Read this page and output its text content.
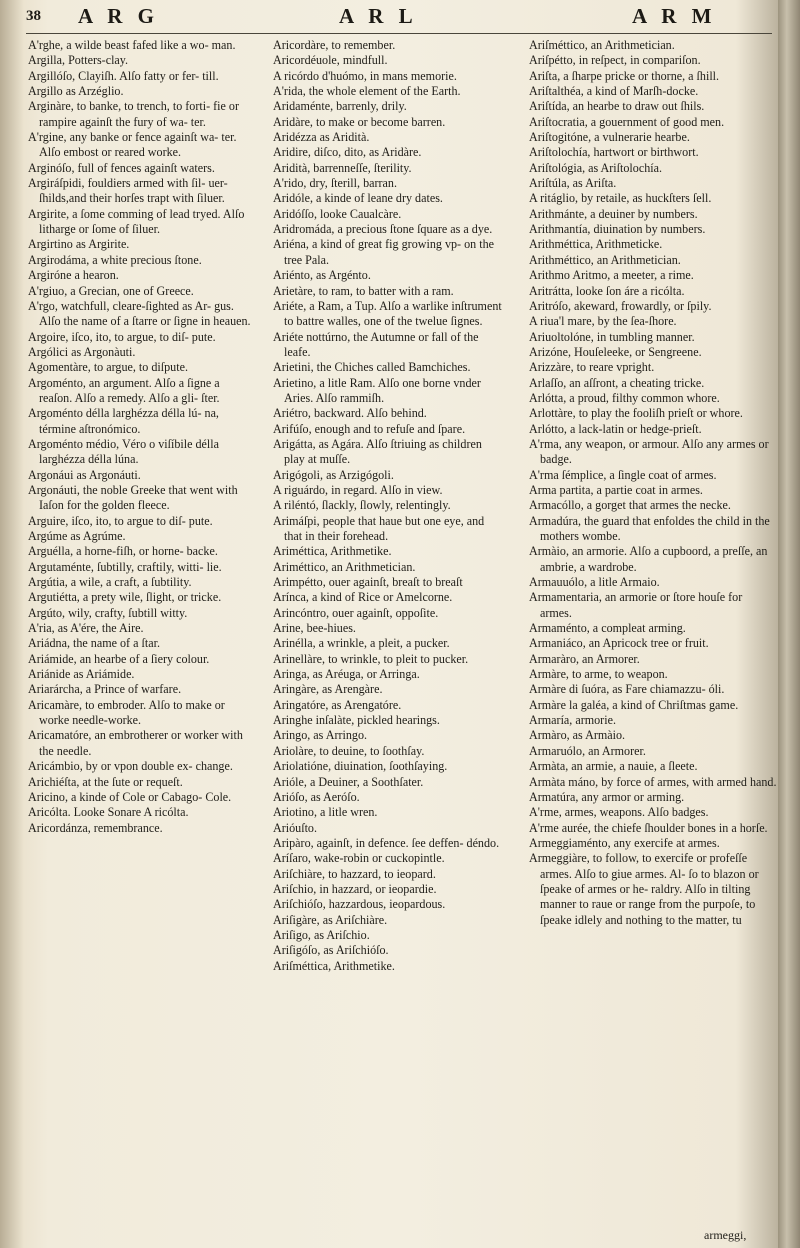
38 A R G	A R L	A R M

A'rghe, a wilde beast fafed like a wo- man.

Argilla, Potters-clay.

Argillóſo, Clayiſh. Alſo fatty or fer- till.

Argillo as Arzéglio.

Arginàre, to banke, to trench, to forti- fie or rampire againſt the fury of wa- ter.

A'rgine, any banke or fence againſt wa- ter. Alſo embost or reared worke.

Arginóſo, full of fences againſt waters.

Argiráſpidi, fouldiers armed with ſil- uer-ſhilds,and their horſes trapt with ſiluer.

Argirite, a ſome comming of lead tryed. Alſo litharge or ſome of ſiluer.

Argirtino as Argirite.

Argirodáma, a white precious ſtone.

Argiróne a hearon.

A'rgiuo, a Grecian, one of Greece.

A'rgo, watchfull, cleare-ſighted as Ar- gus. Alſo the name of a ſtarre or ſigne in heauen.

Argoire, iſco, ito, to argue, to diſ- pute.

Argólici as Argonàuti.

Agomentàre, to argue, to diſpute.

Argoménto, an argument. Alſo a ſigne a reaſon. Alſo a remedy. Alſo a gli- ſter.

Argoménto délla larghézza délla lú- na, términe aſtronómico.

Argoménto médio, Véro o viſíbile délla larghézza délla lúna.

Argonáui as Argonáuti.

Argonáuti, the noble Greeke that went with Iaſon for the golden fleece.

Arguire, iſco, ito, to argue to diſ- pute.

Argúme as Agrúme.

Arguélla, a horne-fiſh, or horne- backe.

Argutaménte, ſubtilly, craftily, witti- lie.

Argútia, a wile, a craft, a ſubtility.

Argutiétta, a prety wile, ſlight, or tricke.

Argúto, wily, crafty, ſubtill witty.

A'ria, as A'ére, the Aire.

Ariádna, the name of a ſtar.

Ariámide, an hearbe of a ſiery colour.

Ariánide as Ariámide.

Ariarárcha, a Prince of warfare.

Aricamàre, to embroder. Alſo to make or worke needle-worke.

Aricamatóre, an embrotherer or worker with the needle.

Aricámbio, by or vpon double ex- change.

Arichiéſta, at the ſute or requeſt.

Aricino, a kinde of Cole or Cabago- Cole.

Aricólta. Looke Sonare A ricólta.

Aricordánza, remembrance.

Aricordàre, to remember.

Aricordéuole, mindfull.

A ricórdo d'huómo, in mans memorie.

A'rida, the whole element of the Earth.

Aridaménte, barrenly, drily.

Aridàre, to make or become barren.

Aridézza as Aridità.

Aridire, diſco, dito, as Aridàre.

Aridità, barrenneſſe, ſterility.

A'rido, dry, ſterill, barran.

Aridóle, a kinde of leane dry dates.

Aridóſſo, looke Caualcàre.

Aridromáda, a precious ſtone ſquare as a dye.

Ariéna, a kind of great fig growing vp- on the tree Pala.

Ariénto, as Argénto.

Arietàre, to ram, to batter with a ram.

Ariéte, a Ram, a Tup. Alſo a warlike inſtrument to battre walles, one of the twelue ſignes.

Ariéte nottúrno, the Autumne or fall of the leafe.

Arietini, the Chiches called Bamchiches.

Arietino, a litle Ram. Alſo one borne vnder Aries. Alſo rammiſh.

Ariétro, backward. Alſo behind.

Arifúſo, enough and to refuſe and ſpare.

Arigátta, as Agára. Alſo ſtriuing as children play at muſſe.

Arigógoli, as Arzigógoli.

A riguárdo, in regard. Alſo in view.

A riléntó, ſlackly, ſlowly, relentingly.

Arimáſpi, people that haue but one eye, and that in their forehead.

Ariméttica, Arithmetike.

Ariméttico, an Arithmetician.

Arimpétto, ouer againſt, breaſt to breaſt

Arínca, a kind of Rice or Amelcorne.

Arincóntro, ouer againſt, oppoſite.

Arine, bee-hiues.

Arinélla, a wrinkle, a pleit, a pucker.

Arinellàre, to wrinkle, to pleit to pucker.

Aringa, as Aréuga, or Arringa.

Aringàre, as Arengàre.

Aringatóre, as Arengatóre.

Aringhe inſalàte, pickled hearings.

Aringo, as Arringo.

Ariolàre, to deuine, to ſoothſay.

Ariolatióne, diuination, ſoothſaying.

Arióle, a Deuiner, a Soothſater.

Arióſo, as Aeróſo.

Ariotino, a litle wren.

Arióuſto.

Aripàro, againſt, in defence. ſee deffen- déndo.

Aríſaro, wake-robin or cuckopintle.

Ariſchiàre, to hazzard, to ieopard.

Ariſchio, in hazzard, or ieopardie.

Ariſchióſo, hazzardous, ieopardous.

Ariſigàre, as Ariſchiàre.

Ariſigo, as Ariſchio.

Ariſigóſo, as Ariſchióſo.

Ariſméttica, Arithmetike.

Ariſméttico, an Arithmetician.

Ariſpétto, in reſpect, in compariſon.

Ariſta, a ſharpe pricke or thorne, a ſhill.

Ariſtalthéa, a kind of Marſh-docke.

Ariſtída, an hearbe to draw out ſhils.

Ariſtocratia, a gouernment of good men.

Ariſtogitóne, a vulnerarie hearbe.

Ariſtolochía, hartwort or birthwort.

Ariſtológia, as Ariſtolochía.

Ariſtúla, as Ariſta.

A ritáglio, by retaile, as huckſters ſell.

Arithmánte, a deuiner by numbers.

Arithmantía, diuination by numbers.

Arithméttica, Arithmeticke.

Arithméttico, an Arithmetician.

Arithmo Aritmo, a meeter, a rime.

Aritrátta, looke ſon áre a ricólta.

Aritróſo, akeward, frowardly, or ſpily.

A riua'l mare, by the ſea-ſhore.

Ariuoltolóne, in tumbling manner.

Arizóne, Houſeleeke, or Sengreene.

Arizzàre, to reare vpright.

Arlaſſo, an aſſront, a cheating tricke.

Arlótta, a proud, filthy common whore.

Arlottàre, to play the fooliſh prieſt or whore.

Arlótto, a lack-latin or hedge-prieſt.

A'rma, any weapon, or armour. Alſo any armes or badge.

A'rma ſémplice, a ſingle coat of armes.

Arma partita, a partie coat in armes.

Armacóllo, a gorget that armes the necke.

Armadúra, the guard that enfoldes the child in the mothers wombe.

Armàio, an armorie. Alſo a cupboord, a preſſe, an ambrie, a wardrobe.

Armauuólo, a litle Armaio.

Armamentaria, an armorie or ſtore houſe for armes.

Armaménto, a compleat arming.

Armaniáco, an Apricock tree or fruit.

Armaràro, an Armorer.

Armàre, to arme, to weapon.

Armàre di ſuóra, as Fare chiamazzu- óli.

Armàre la galéa, a kind of Chriſtmas game.

Armaría, armorie.

Armàro, as Armàio.

Armaruólo, an Armorer.

Armàta, an armie, a nauie, a ſleete.

Armàta máno, by force of armes, with armed hand.

Armatúra, any armor or arming.

A'rme, armes, weapons. Alſo badges.

A'rme aurée, the chiefe ſhoulder bones in a horſe.

Armeggiaménto, any exercife at armes.

Armeggiàre, to follow, to exercife or profeſſe armes. Alſo to giue armes. Al- ſo to blazon or ſpeake of armes or he- raldry. Alſo in tilting manner to raue or range from the purpoſe, to ſpeake idlely and nothing to the matter, tu

armeggi,
